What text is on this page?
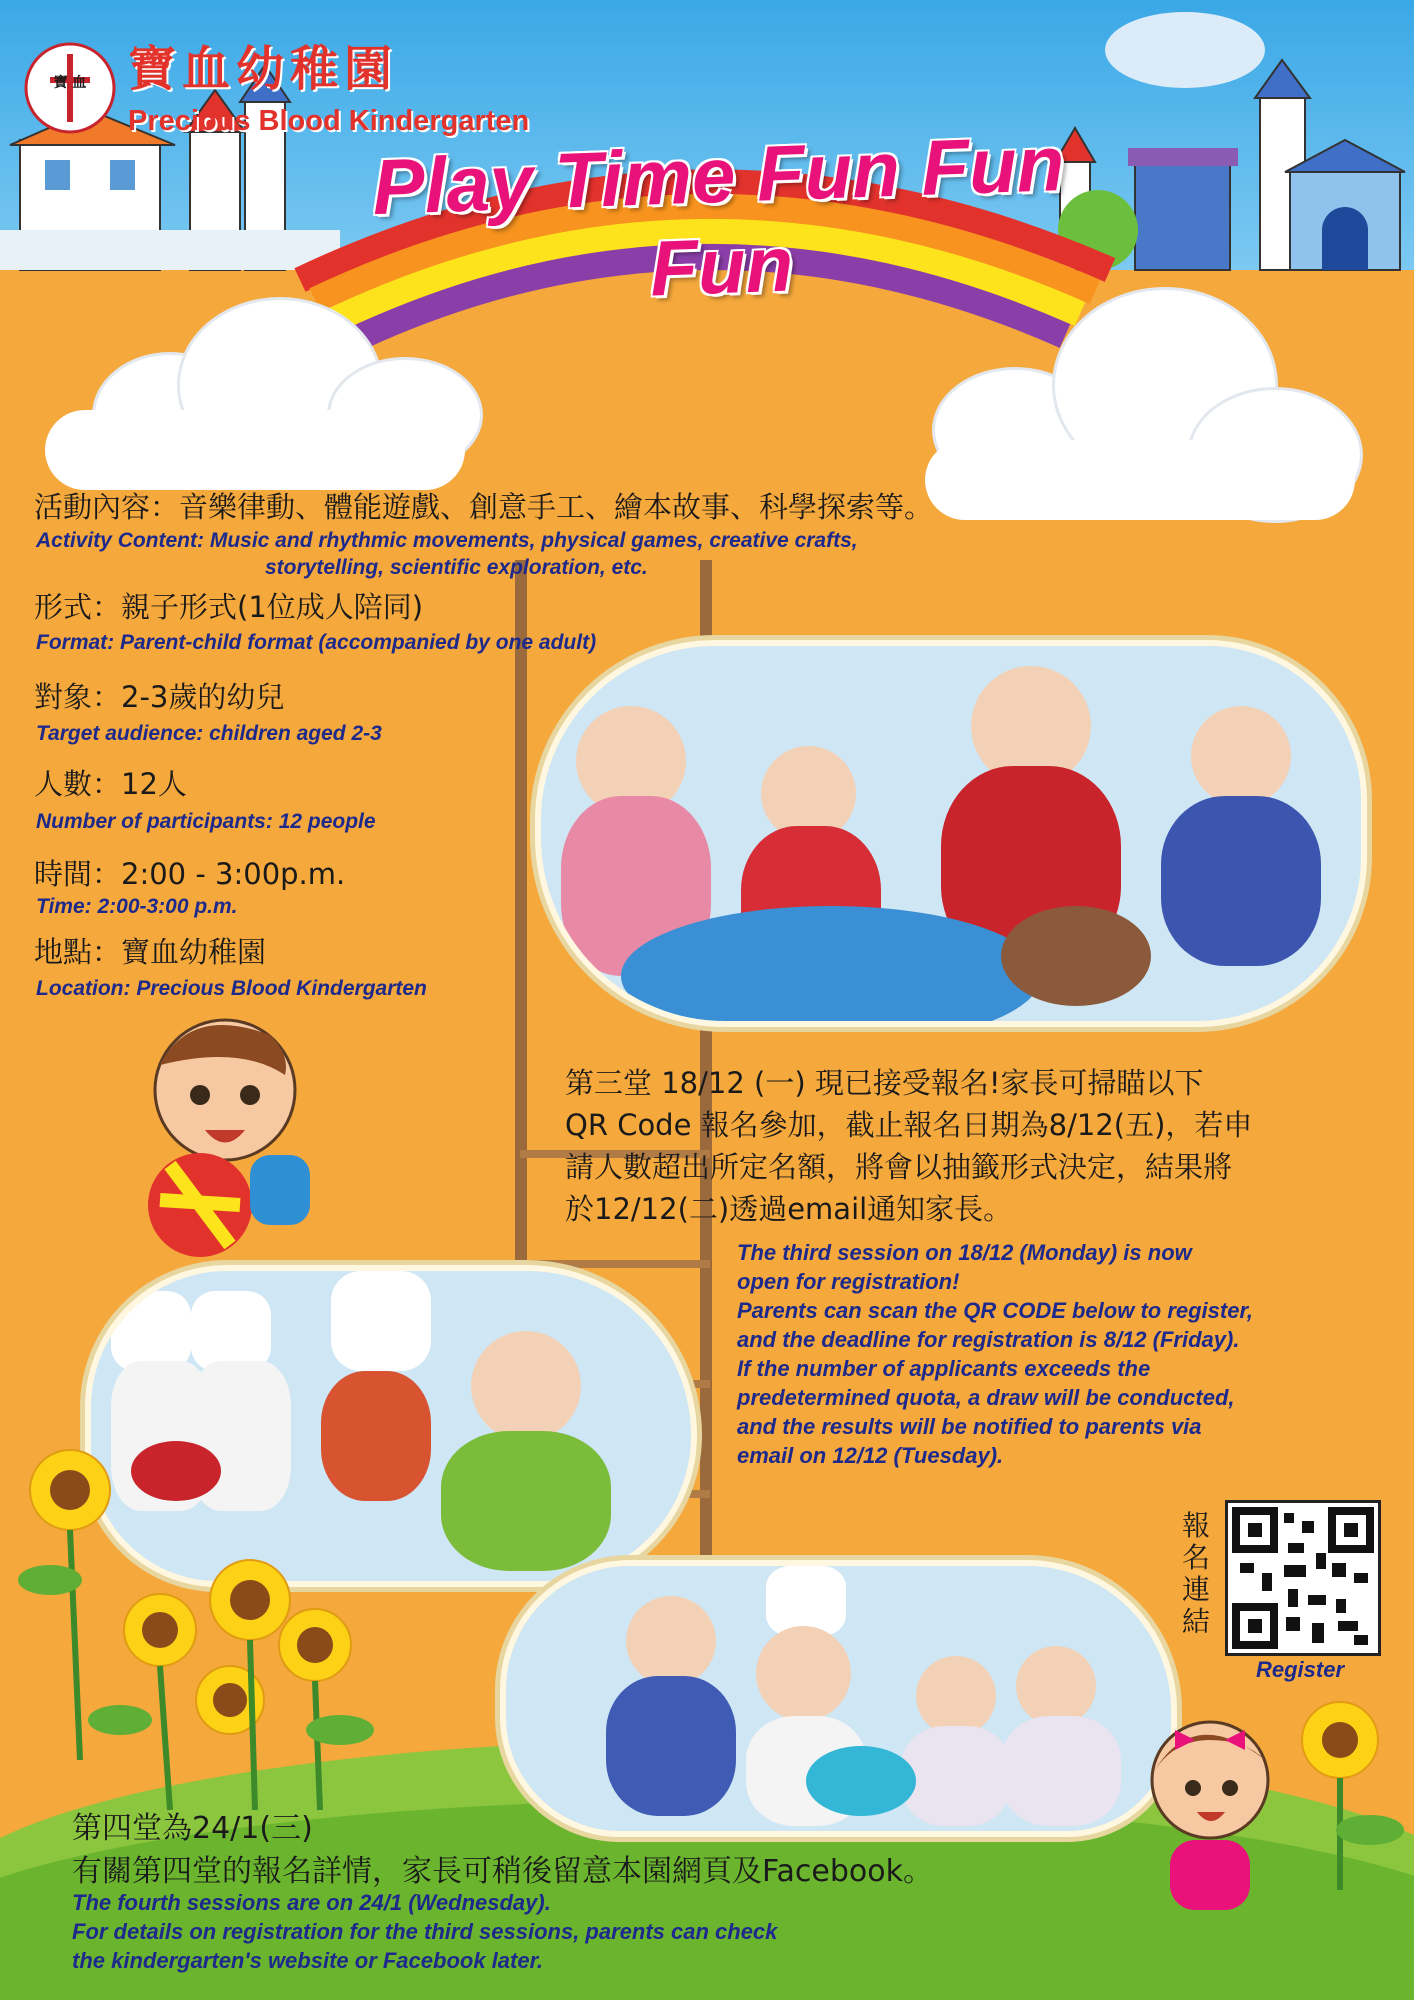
寶 血 寶血幼稚園
Precious Blood Kindergarten
Play Time Fun Fun Fun
活動內容：音樂律動、體能遊戲、創意手工、繪本故事、科學探索等。
Activity Content: Music and rhythmic movements, physical games, creative crafts,
storytelling, scientific exploration, etc.
形式：親子形式(1位成人陪同)
Format: Parent-child format (accompanied by one adult)
對象：2-3歲的幼兒
Target audience: children aged 2-3
人數：12人
Number of participants: 12 people
時間：2:00 - 3:00p.m.
Time: 2:00-3:00 p.m.
地點：寶血幼稚園
Location: Precious Blood Kindergarten
第三堂 18/12 (一) 現已接受報名!家長可掃瞄以下
QR Code 報名參加，截止報名日期為8/12(五)，若申
請人數超出所定名額，將會以抽籤形式決定，結果將
於12/12(二)透過email通知家長。
The third session on 18/12 (Monday) is now
open for registration!
Parents can scan the QR CODE below to register,
and the deadline for registration is 8/12 (Friday).
If the number of applicants exceeds the
predetermined quota, a draw will be conducted,
and the results will be notified to parents via
email on 12/12 (Tuesday).
報名連結
Register
第四堂為24/1(三)
有關第四堂的報名詳情，家長可稍後留意本園網頁及Facebook。
The fourth sessions are on 24/1 (Wednesday).
For details on registration for the third sessions, parents can check
the kindergarten's website or Facebook later.
